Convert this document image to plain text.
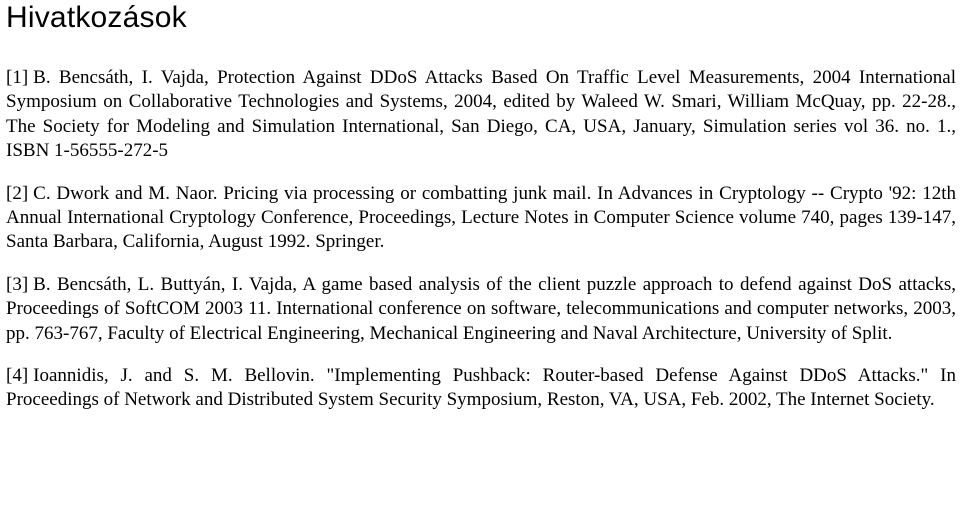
Hivatkozások

[1] B. Bencsáth, I. Vajda, Protection Against DDoS Attacks Based On Traffic Level Measurements, 2004 International Symposium on Collaborative Technologies and Systems, 2004, edited by Waleed W. Smari, William McQuay, pp. 22-28., The Society for Modeling and Simulation International, San Diego, CA, USA, January, Simulation series vol 36. no. 1., ISBN 1-56555-272-5

[2] C. Dwork and M. Naor. Pricing via processing or combatting junk mail. In Advances in Cryptology -- Crypto '92: 12th Annual International Cryptology Conference, Proceedings, Lecture Notes in Computer Science volume 740, pages 139-147, Santa Barbara, California, August 1992. Springer.

[3] B. Bencsáth, L. Buttyán, I. Vajda, A game based analysis of the client puzzle approach to defend against DoS attacks, Proceedings of SoftCOM 2003 11. International conference on software, telecommunications and computer networks, 2003, pp. 763-767, Faculty of Electrical Engineering, Mechanical Engineering and Naval Architecture, University of Split.

[4] Ioannidis, J. and S. M. Bellovin. "Implementing Pushback: Router-based Defense Against DDoS Attacks." In Proceedings of Network and Distributed System Security Symposium, Reston, VA, USA, Feb. 2002, The Internet Society.
